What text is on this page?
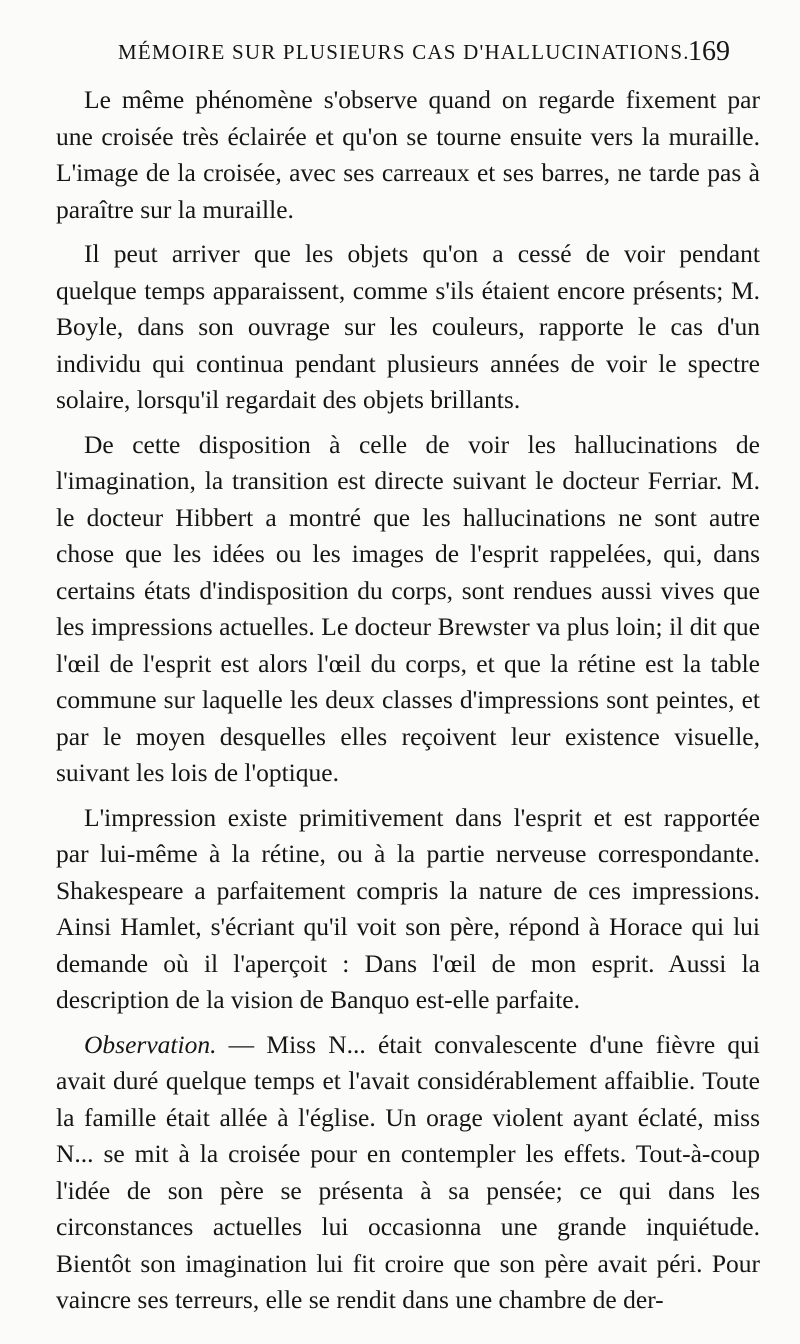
MÉMOIRE SUR PLUSIEURS CAS D'HALLUCINATIONS.
169

Le même phénomène s'observe quand on regarde fixement par une croisée très éclairée et qu'on se tourne ensuite vers la muraille. L'image de la croisée, avec ses carreaux et ses barres, ne tarde pas à paraître sur la muraille.

Il peut arriver que les objets qu'on a cessé de voir pendant quelque temps apparaissent, comme s'ils étaient encore présents; M. Boyle, dans son ouvrage sur les couleurs, rapporte le cas d'un individu qui continua pendant plusieurs années de voir le spectre solaire, lorsqu'il regardait des objets brillants.

De cette disposition à celle de voir les hallucinations de l'imagination, la transition est directe suivant le docteur Ferriar. M. le docteur Hibbert a montré que les hallucinations ne sont autre chose que les idées ou les images de l'esprit rappelées, qui, dans certains états d'indisposition du corps, sont rendues aussi vives que les impressions actuelles. Le docteur Brewster va plus loin; il dit que l'œil de l'esprit est alors l'œil du corps, et que la rétine est la table commune sur laquelle les deux classes d'impressions sont peintes, et par le moyen desquelles elles reçoivent leur existence visuelle, suivant les lois de l'optique.

L'impression existe primitivement dans l'esprit et est rapportée par lui-même à la rétine, ou à la partie nerveuse correspondante. Shakespeare a parfaitement compris la nature de ces impressions. Ainsi Hamlet, s'écriant qu'il voit son père, répond à Horace qui lui demande où il l'aperçoit : Dans l'œil de mon esprit. Aussi la description de la vision de Banquo est-elle parfaite.

Observation. — Miss N... était convalescente d'une fièvre qui avait duré quelque temps et l'avait considérablement affaiblie. Toute la famille était allée à l'église. Un orage violent ayant éclaté, miss N... se mit à la croisée pour en contempler les effets. Tout-à-coup l'idée de son père se présenta à sa pensée; ce qui dans les circonstances actuelles lui occasionna une grande inquiétude. Bientôt son imagination lui fit croire que son père avait péri. Pour vaincre ses terreurs, elle se rendit dans une chambre de der-
